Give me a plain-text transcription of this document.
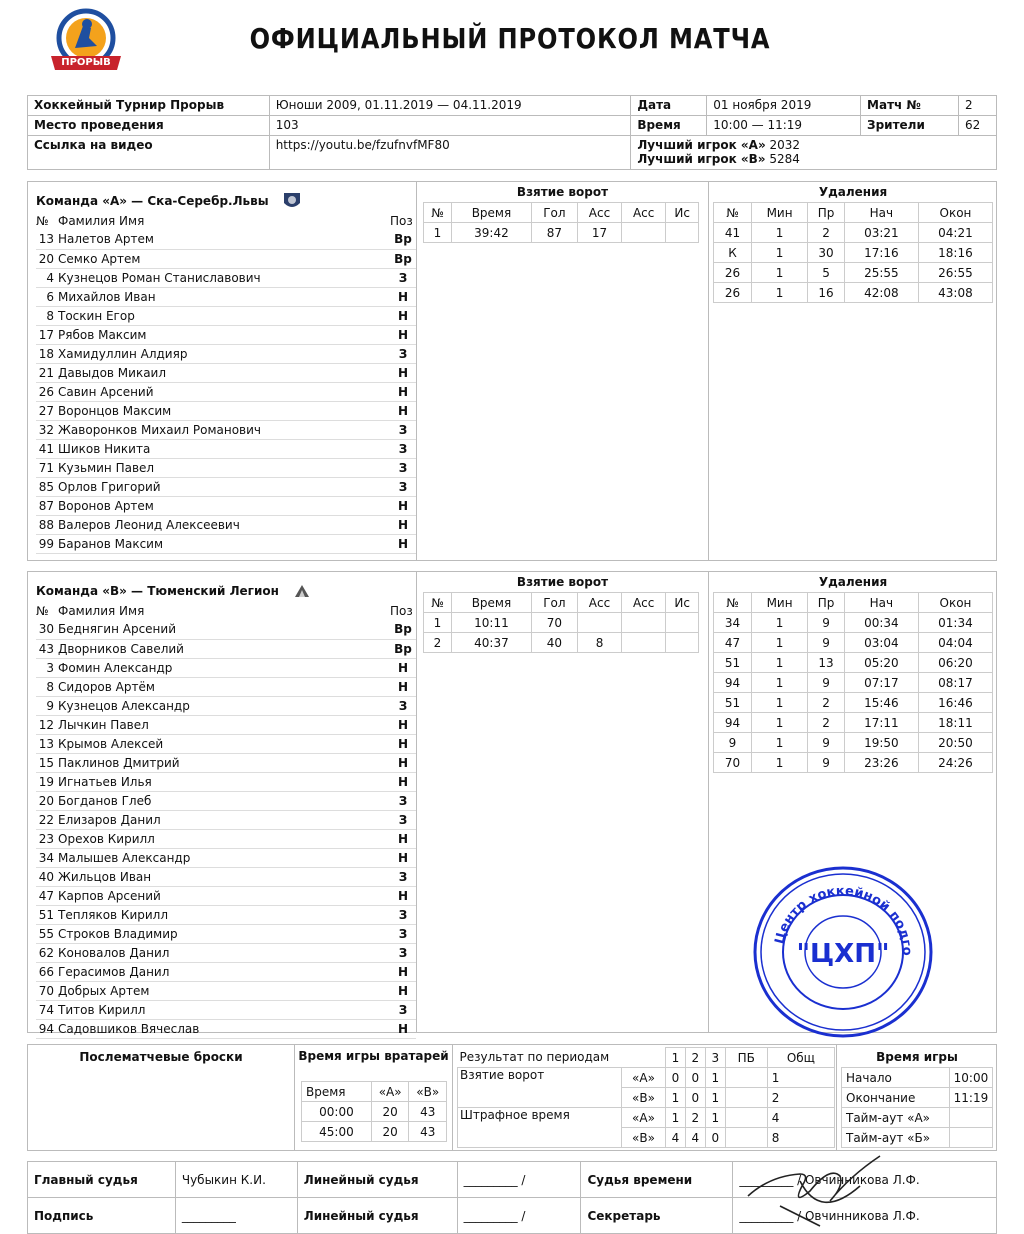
ПРОРЫВ
ОФИЦИАЛЬНЫЙ ПРОТОКОЛ МАТЧА
Хоккейный Турнир Прорыв	Юноши 2009, 01.11.2019 — 04.11.2019	Дата	01 ноября 2019	Матч №	2
Место проведения	103	Время	10:00 — 11:19	Зрители	62
Ссылка на видео	https://youtu.be/fzufnvfMF80	Лучший игрок «А» 2032
Лучший игрок «В» 5284			
Команда «А» — Ска-Серебр.Львы
№	Фамилия Имя	Поз
13	Налетов Артем	Вр
20	Семко Артем	Вр
4	Кузнецов Роман Станиславович	З
6	Михайлов Иван	Н
8	Тоскин Егор	Н
17	Рябов Максим	Н
18	Хамидуллин Алдияр	З
21	Давыдов Микаил	Н
26	Савин Арсений	Н
27	Воронцов Максим	Н
32	Жаворонков Михаил Романович	З
41	Шиков Никита	З
71	Кузьмин Павел	З
85	Орлов Григорий	З
87	Воронов Артем	Н
88	Валеров Леонид Алексеевич	Н
99	Баранов Максим	Н
Взятие ворот
№	Время	Гол	Асс	Асс	Ис
1	39:42	87	17		
Удаления
№	Мин	Пр	Нач	Окон
41	1	2	03:21	04:21
К	1	30	17:16	18:16
26	1	5	25:55	26:55
26	1	16	42:08	43:08
Команда «В» — Тюменский Легион
№	Фамилия Имя	Поз
30	Беднягин Арсений	Вр
43	Дворников Савелий	Вр
3	Фомин Александр	Н
8	Сидоров Артём	Н
9	Кузнецов Александр	З
12	Лычкин Павел	Н
13	Крымов Алексей	Н
15	Паклинов Дмитрий	Н
19	Игнатьев Илья	Н
20	Богданов Глеб	З
22	Елизаров Данил	З
23	Орехов Кирилл	Н
34	Малышев Александр	Н
40	Жильцов Иван	З
47	Карпов Арсений	Н
51	Тепляков Кирилл	З
55	Строков Владимир	З
62	Коновалов Данил	З
66	Герасимов Данил	Н
70	Добрых Артем	Н
74	Титов Кирилл	З
94	Садовшиков Вячеслав	Н
Взятие ворот
№	Время	Гол	Асс	Асс	Ис
1	10:11	70			
2	40:37	40	8		
Удаления
№	Мин	Пр	Нач	Окон
34	1	9	00:34	01:34
47	1	9	03:04	04:04
51	1	13	05:20	06:20
94	1	9	07:17	08:17
51	1	2	15:46	16:46
94	1	2	17:11	18:11
9	1	9	19:50	20:50
70	1	9	23:26	24:26
Послематчевые броски	Время игры вратарей
Время	«А»	«В»
00:00	20	43
45:00	20	43
Результат по периодам		1	2	3	ПБ	Общ
Взятие ворот	«А»	0	0	1		1
	«В»	1	0	1		2
Штрафное время	«А»	1	2	1		4
	«В»	4	4	0		8
Время игры
Начало	10:00
Окончание	11:19
Тайм-аут «А»	
Тайм-аут «Б»	
Главный судья	Чубыкин К.И.	Линейный судья	_________ /	Судья времени	_________ / Овчинникова Л.Ф.
Подпись	_________	Линейный судья	_________ /	Секретарь	_________ / Овчинникова Л.Ф.
Центр хоккейной подго
"ЦХП"
